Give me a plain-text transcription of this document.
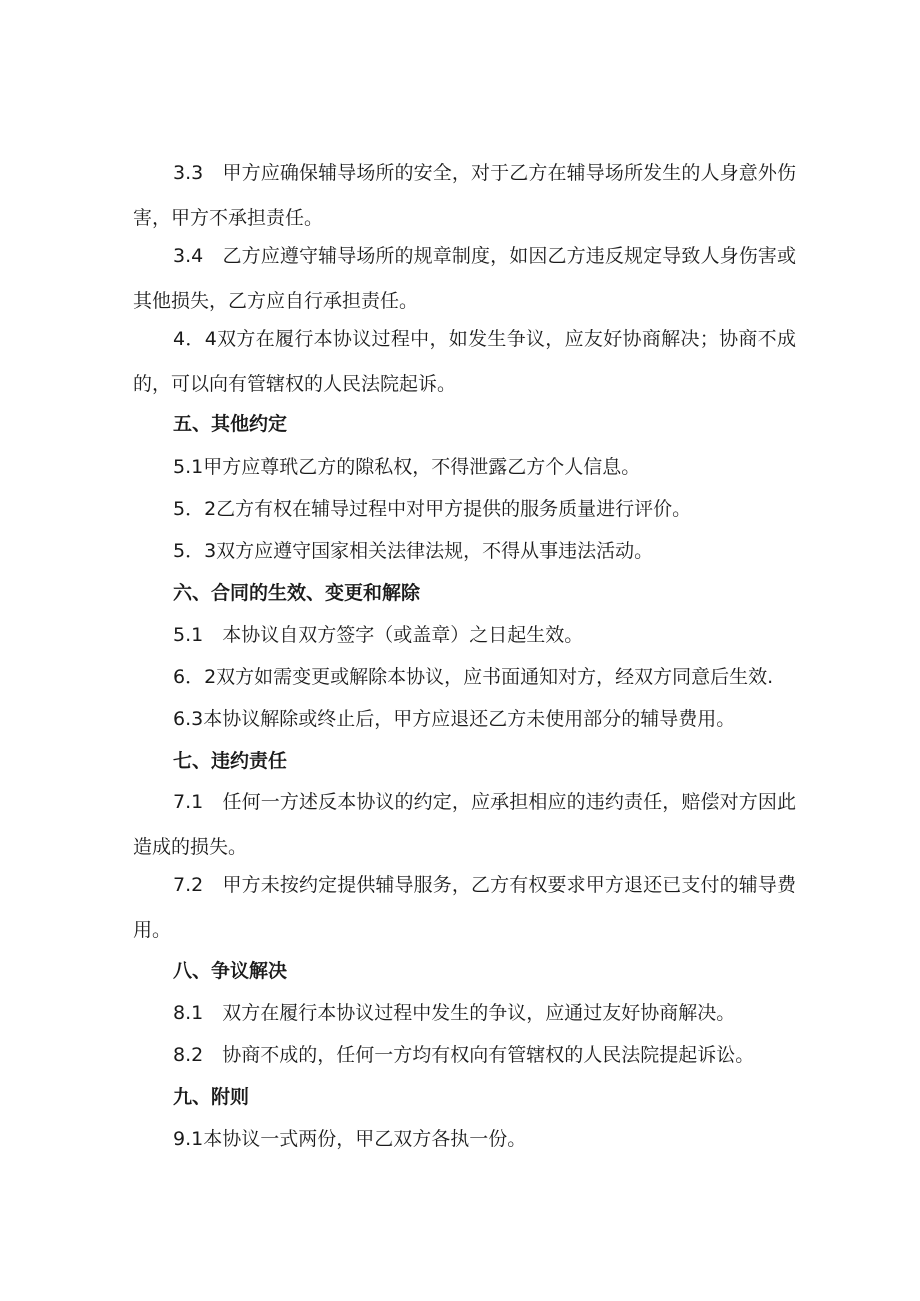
3.3　甲方应确保辅导场所的安全，对于乙方在辅导场所发生的人身意外伤害，甲方不承担责任。

3.4　乙方应遵守辅导场所的规章制度，如因乙方违反规定导致人身伤害或其他损失，乙方应自行承担责任。

4．4双方在履行本协议过程中，如发生争议，应友好协商解决；协商不成的，可以向有管辖权的人民法院起诉。

五、其他约定

5.1甲方应尊玳乙方的隙私权，不得泄露乙方个人信息。

5．2乙方有权在辅导过程中对甲方提供的服务质量进行评价。

5．3双方应遵守国家相关法律法规，不得从事违法活动。

六、合同的生效、变更和解除

5.1　本协议自双方签字（或盖章）之日起生效。

6．2双方如需变更或解除本协议，应书面通知对方，经双方同意后生效.

6.3本协议解除或终止后，甲方应退还乙方未使用部分的辅导费用。

七、违约责任

7.1　任何一方述反本协议的约定，应承担相应的违约责任，赔偿对方因此造成的损失。

7.2　甲方未按约定提供辅导服务，乙方有权要求甲方退还已支付的辅导费用。

八、争议解决

8.1　双方在履行本协议过程中发生的争议，应通过友好协商解决。

8.2　协商不成的，任何一方均有权向有管辖权的人民法院提起诉讼。

九、附则

9.1本协议一式两份，甲乙双方各执一份。
